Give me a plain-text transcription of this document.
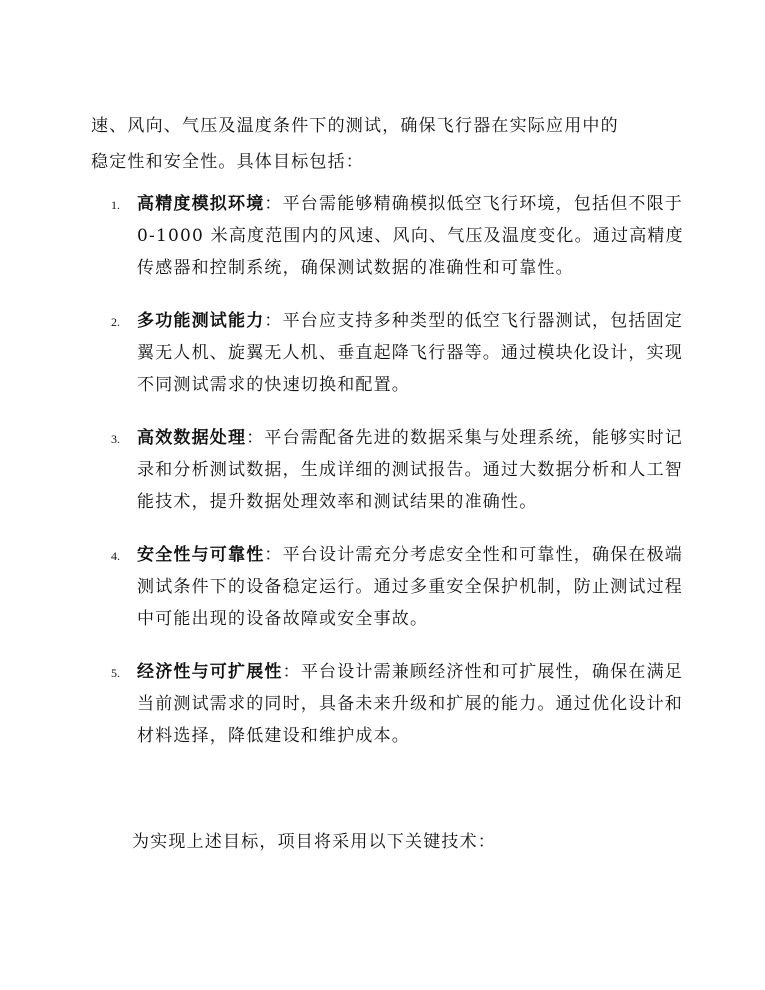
速、风向、气压及温度条件下的测试，确保飞行器在实际应用中的
稳定性和安全性。具体目标包括：

1. 高精度模拟环境：平台需能够精确模拟低空飞行环境，包括但不限于 0-1000 米高度范围内的风速、风向、气压及温度变化。通过高精度传感器和控制系统，确保测试数据的准确性和可靠性。
2. 多功能测试能力：平台应支持多种类型的低空飞行器测试，包括固定翼无人机、旋翼无人机、垂直起降飞行器等。通过模块化设计，实现不同测试需求的快速切换和配置。
3. 高效数据处理：平台需配备先进的数据采集与处理系统，能够实时记录和分析测试数据，生成详细的测试报告。通过大数据分析和人工智能技术，提升数据处理效率和测试结果的准确性。
4. 安全性与可靠性：平台设计需充分考虑安全性和可靠性，确保在极端测试条件下的设备稳定运行。通过多重安全保护机制，防止测试过程中可能出现的设备故障或安全事故。
5. 经济性与可扩展性：平台设计需兼顾经济性和可扩展性，确保在满足当前测试需求的同时，具备未来升级和扩展的能力。通过优化设计和材料选择，降低建设和维护成本。

为实现上述目标，项目将采用以下关键技术：
